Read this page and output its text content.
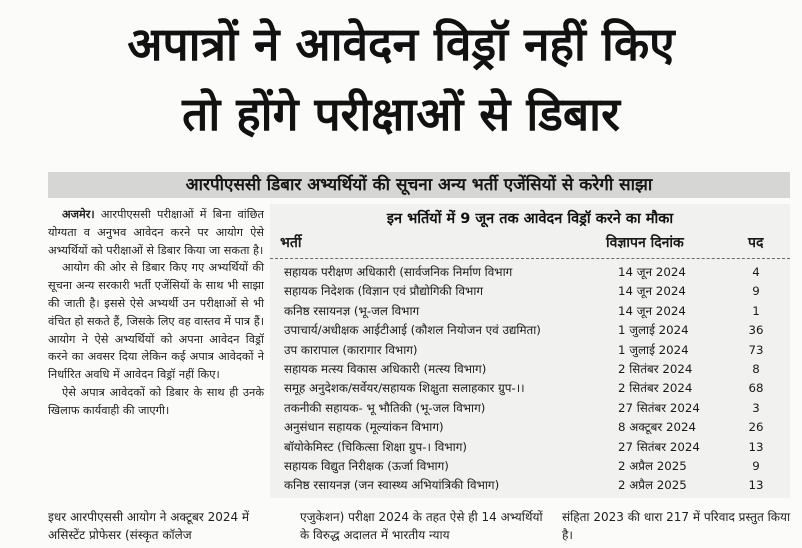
अपात्रों ने आवेदन विड्रॉ नहीं किए
तो होंगे परीक्षाओं से डिबार
आरपीएससी डिबार अभ्यर्थियों की सूचना अन्य भर्ती एजेंसियों से करेगी साझा

अजमेर। आरपीएससी परीक्षाओं में बिना वांछित योग्यता व अनुभव आवेदन करने पर आयोग ऐसे अभ्यर्थियों को परीक्षाओं से डिबार किया जा सकता है।

आयोग की ओर से डिबार किए गए अभ्यर्थियों की सूचना अन्य सरकारी भर्ती एजेंसियों के साथ भी साझा की जाती है। इससे ऐसे अभ्यर्थी उन परीक्षाओं से भी वंचित हो सकते हैं, जिसके लिए वह वास्तव में पात्र हैं। आयोग ने ऐसे अभ्यर्थियों को अपना आवेदन विड्रॉ करने का अवसर दिया लेकिन कई अपात्र आवेदकों ने निर्धारित अवधि में आवेदन विड्रॉ नहीं किए।

ऐसे अपात्र आवेदकों को डिबार के साथ ही उनके खिलाफ कार्यवाही की जाएगी।

इन भर्तियों में 9 जून तक आवेदन विड्रॉ करने का मौका
भर्ती	विज्ञापन दिनांक	पद
सहायक परीक्षण अधिकारी (सार्वजनिक निर्माण विभाग	14 जून 2024	4
सहायक निदेशक (विज्ञान एवं प्रौद्योगिकी विभाग	14 जून 2024	9
कनिष्ठ रसायनज्ञ (भू-जल विभाग	14 जून 2024	1
उपाचार्य/अधीक्षक आईटीआई (कौशल नियोजन एवं उद्यमिता)	1 जुलाई 2024	36
उप कारापाल (कारागार विभाग)	1 जुलाई 2024	73
सहायक मत्स्य विकास अधिकारी (मत्स्य विभाग)	2 सितंबर 2024	8
समूह अनुदेशक/सर्वेयर/सहायक शिक्षुता सलाहकार ग्रुप-।।	2 सितंबर 2024	68
तकनीकी सहायक- भू भौतिकी (भू-जल विभाग)	27 सितंबर 2024	3
अनुसंधान सहायक (मूल्यांकन विभाग)	8 अक्टूबर 2024	26
बॉयोकेमिस्ट (चिकित्सा शिक्षा ग्रुप-। विभाग)	27 सितंबर 2024	13
सहायक विद्युत निरीक्षक (ऊर्जा विभाग)	2 अप्रैल 2025	9
कनिष्ठ रसायनज्ञ (जन स्वास्थ्य अभियांत्रिकी विभाग)	2 अप्रैल 2025	13
इधर आरपीएससी आयोग ने अक्टूबर 2024 में असिस्टेंट प्रोफेसर (संस्कृत कॉलेज
एजुकेशन) परीक्षा 2024 के तहत ऐसे ही 14 अभ्यर्थियों के विरुद्ध अदालत में भारतीय न्याय
संहिता 2023 की धारा 217 में परिवाद प्रस्तुत किया है।
